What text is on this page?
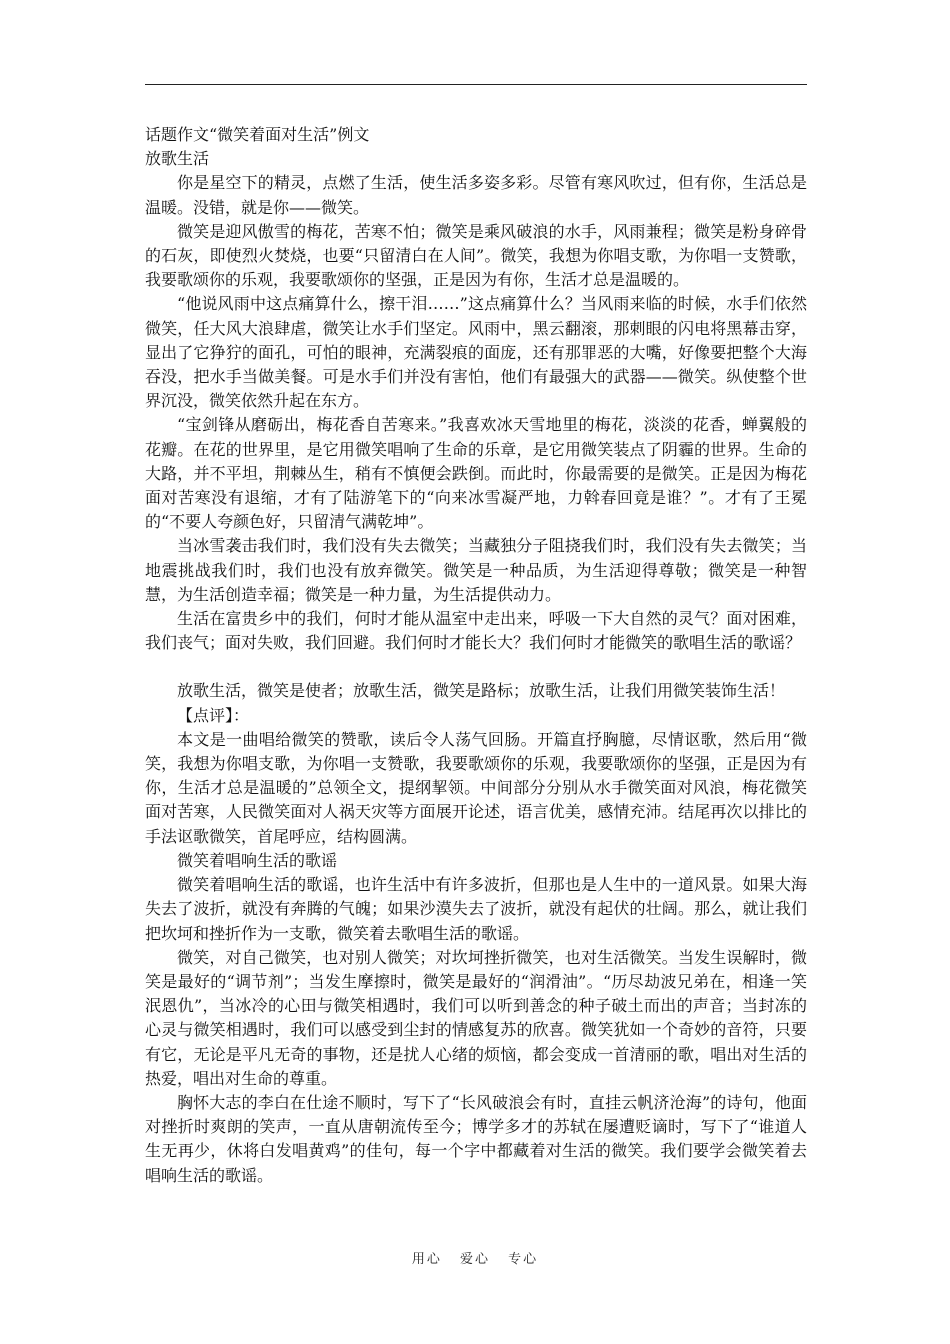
话题作文“微笑着面对生活”例文

放歌生活

你是星空下的精灵，点燃了生活，使生活多姿多彩。尽管有寒风吹过，但有你，生活总是温暖。没错，就是你——微笑。

微笑是迎风傲雪的梅花，苦寒不怕；微笑是乘风破浪的水手，风雨兼程；微笑是粉身碎骨的石灰，即使烈火焚烧，也要“只留清白在人间”。微笑，我想为你唱支歌，为你唱一支赞歌，我要歌颂你的乐观，我要歌颂你的坚强，正是因为有你，生活才总是温暖的。

“他说风雨中这点痛算什么，擦干泪……”这点痛算什么？当风雨来临的时候，水手们依然微笑，任大风大浪肆虐，微笑让水手们坚定。风雨中，黑云翻滚，那刺眼的闪电将黑幕击穿，显出了它狰狞的面孔，可怕的眼神，充满裂痕的面庞，还有那罪恶的大嘴，好像要把整个大海吞没，把水手当做美餐。可是水手们并没有害怕，他们有最强大的武器——微笑。纵使整个世界沉没，微笑依然升起在东方。

“宝剑锋从磨砺出，梅花香自苦寒来。”我喜欢冰天雪地里的梅花，淡淡的花香，蝉翼般的花瓣。在花的世界里，是它用微笑唱响了生命的乐章，是它用微笑装点了阴霾的世界。生命的大路，并不平坦，荆棘丛生，稍有不慎便会跌倒。而此时，你最需要的是微笑。正是因为梅花面对苦寒没有退缩，才有了陆游笔下的“向来冰雪凝严地，力斡春回竟是谁？”。才有了王冕的“不要人夸颜色好，只留清气满乾坤”。

当冰雪袭击我们时，我们没有失去微笑；当藏独分子阻挠我们时，我们没有失去微笑；当地震挑战我们时，我们也没有放弃微笑。微笑是一种品质，为生活迎得尊敬；微笑是一种智慧，为生活创造幸福；微笑是一种力量，为生活提供动力。

生活在富贵乡中的我们，何时才能从温室中走出来，呼吸一下大自然的灵气？面对困难，我们丧气；面对失败，我们回避。我们何时才能长大？我们何时才能微笑的歌唱生活的歌谣？

放歌生活，微笑是使者；放歌生活，微笑是路标；放歌生活，让我们用微笑装饰生活！

【点评】：

本文是一曲唱给微笑的赞歌，读后令人荡气回肠。开篇直抒胸臆，尽情讴歌，然后用“微笑，我想为你唱支歌，为你唱一支赞歌，我要歌颂你的乐观，我要歌颂你的坚强，正是因为有你，生活才总是温暖的”总领全文，提纲挈领。中间部分分别从水手微笑面对风浪，梅花微笑面对苦寒，人民微笑面对人祸天灾等方面展开论述，语言优美，感情充沛。结尾再次以排比的手法讴歌微笑，首尾呼应，结构圆满。

微笑着唱响生活的歌谣

微笑着唱响生活的歌谣，也许生活中有许多波折，但那也是人生中的一道风景。如果大海失去了波折，就没有奔腾的气魄；如果沙漠失去了波折，就没有起伏的壮阔。那么，就让我们把坎坷和挫折作为一支歌，微笑着去歌唱生活的歌谣。

微笑，对自己微笑，也对别人微笑；对坎坷挫折微笑，也对生活微笑。当发生误解时，微笑是最好的“调节剂”；当发生摩擦时，微笑是最好的“润滑油”。“历尽劫波兄弟在，相逢一笑泯恩仇”，当冰冷的心田与微笑相遇时，我们可以听到善念的种子破土而出的声音；当封冻的心灵与微笑相遇时，我们可以感受到尘封的情感复苏的欣喜。微笑犹如一个奇妙的音符，只要有它，无论是平凡无奇的事物，还是扰人心绪的烦恼，都会变成一首清丽的歌，唱出对生活的热爱，唱出对生命的尊重。

胸怀大志的李白在仕途不顺时，写下了“长风破浪会有时，直挂云帆济沧海”的诗句，他面对挫折时爽朗的笑声，一直从唐朝流传至今；博学多才的苏轼在屡遭贬谪时，写下了“谁道人生无再少，休将白发唱黄鸡”的佳句，每一个字中都藏着对生活的微笑。我们要学会微笑着去唱响生活的歌谣。

用心 爱心 专心
